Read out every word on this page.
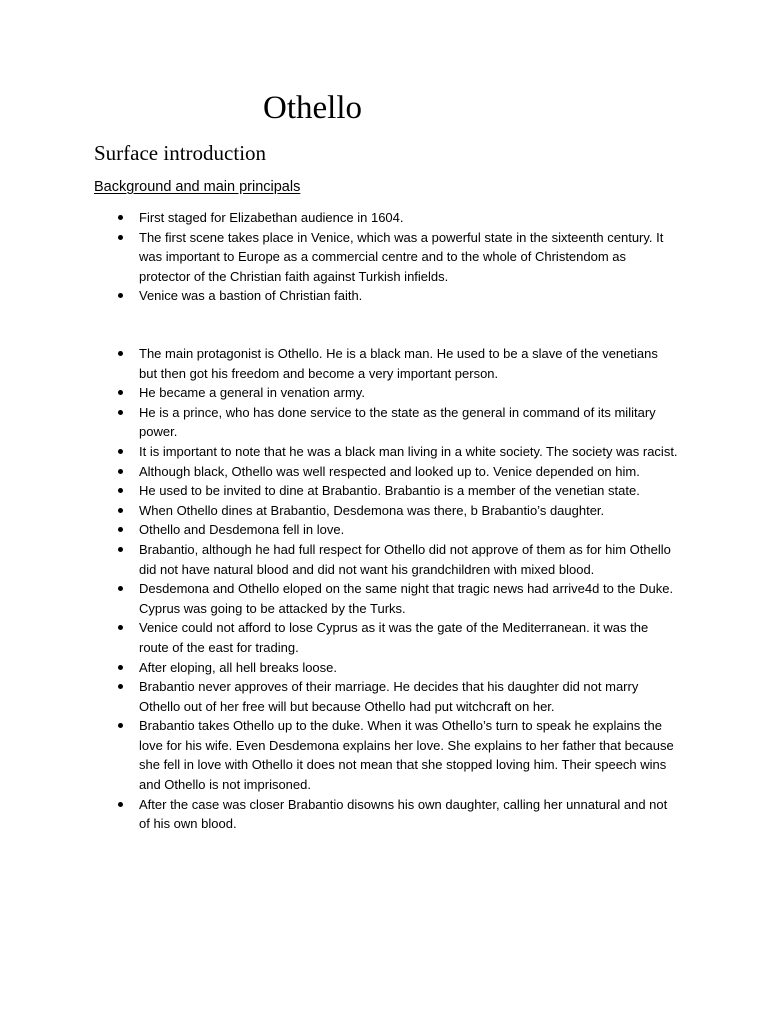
Othello
Surface introduction
Background and main principals
First staged for Elizabethan audience in 1604.
The first scene takes place in Venice, which was a powerful state in the sixteenth century. It was important to Europe as a commercial centre and to the whole of Christendom as protector of the Christian faith against Turkish infields.
Venice was a bastion of Christian faith.
The main protagonist is Othello. He is a black man. He used to be a slave of the venetians but then got his freedom and become a very important person.
He became a general in venation army.
He is a prince, who has done service to the state as the general in command of its military power.
It is important to note that he was a black man living in a white society. The society was racist.
Although black, Othello was well respected and looked up to. Venice depended on him.
He used to be invited to dine at Brabantio. Brabantio is a member of the venetian state.
When Othello dines at Brabantio, Desdemona was there, b Brabantio’s daughter.
Othello and Desdemona fell in love.
Brabantio, although he had full respect for Othello did not approve of them as for him Othello did not have natural blood and did not want his grandchildren with mixed blood.
Desdemona and Othello eloped on the same night that tragic news had arrive4d to the Duke. Cyprus was going to be attacked by the Turks.
Venice could not afford to lose Cyprus as it was the gate of the Mediterranean. it was the route of the east for trading.
After eloping, all hell breaks loose.
Brabantio never approves of their marriage. He decides that his daughter did not marry Othello out of her free will but because Othello had put witchcraft on her.
Brabantio takes Othello up to the duke. When it was Othello’s turn to speak he explains the love for his wife. Even Desdemona explains her love. She explains to her father that because she fell in love with Othello it does not mean that she stopped loving him. Their speech wins and Othello is not imprisoned.
After the case was closer Brabantio disowns his own daughter, calling her unnatural and not of his own blood.
